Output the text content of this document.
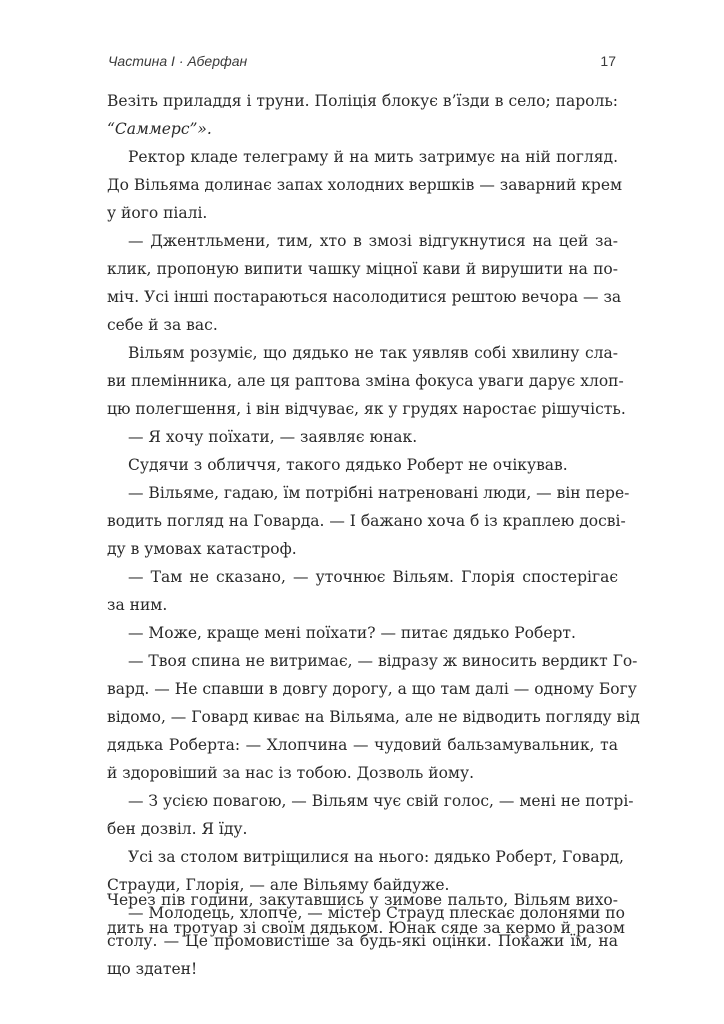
Частина I · Аберфан	17
Везіть приладдя і труни. Поліція блокує в’їзди в село; пароль:
“Саммерс”».
Ректор кладе телеграму й на мить затримує на ній погляд.
До Вільяма долинає запах холодних вершків — заварний крем
у його піалі.
— Джентльмени, тим, хто в змозі відгукнутися на цей за-
клик, пропоную випити чашку міцної кави й вирушити на по-
міч. Усі інші постараються насолодитися рештою вечора — за
себе й за вас.
Вільям розуміє, що дядько не так уявляв собі хвилину сла-
ви племінника, але ця раптова зміна фокуса уваги дарує хлоп-
цю полегшення, і він відчуває, як у грудях наростає рішучість.
— Я хочу поїхати, — заявляє юнак.
Судячи з обличчя, такого дядько Роберт не очікував.
— Вільяме, гадаю, їм потрібні натреновані люди, — він пере-
водить погляд на Говарда. — І бажано хоча б із краплею досві-
ду в умовах катастроф.
— Там не сказано, — уточнює Вільям. Глорія спостерігає
за ним.
— Може, краще мені поїхати? — питає дядько Роберт.
— Твоя спина не витримає, — відразу ж виносить вердикт Го-
вард. — Не спавши в довгу дорогу, а що там далі — одному Богу
відомо, — Говард киває на Вільяма, але не відводить погляду від
дядька Роберта: — Хлопчина — чудовий бальзамувальник, та
й здоровіший за нас із тобою. Дозволь йому.
— З усією повагою, — Вільям чує свій голос, — мені не потрі-
бен дозвіл. Я їду.
Усі за столом витріщилися на нього: дядько Роберт, Говард,
Страуди, Глорія, — але Вільяму байдуже.
— Молодець, хлопче, — містер Страуд плескає долонями по
столу. — Це промовистіше за будь-які оцінки. Покажи їм, на
що здатен!
Через пів години, закутавшись у зимове пальто, Вільям вихо-
дить на тротуар зі своїм дядьком. Юнак сяде за кермо й разом
